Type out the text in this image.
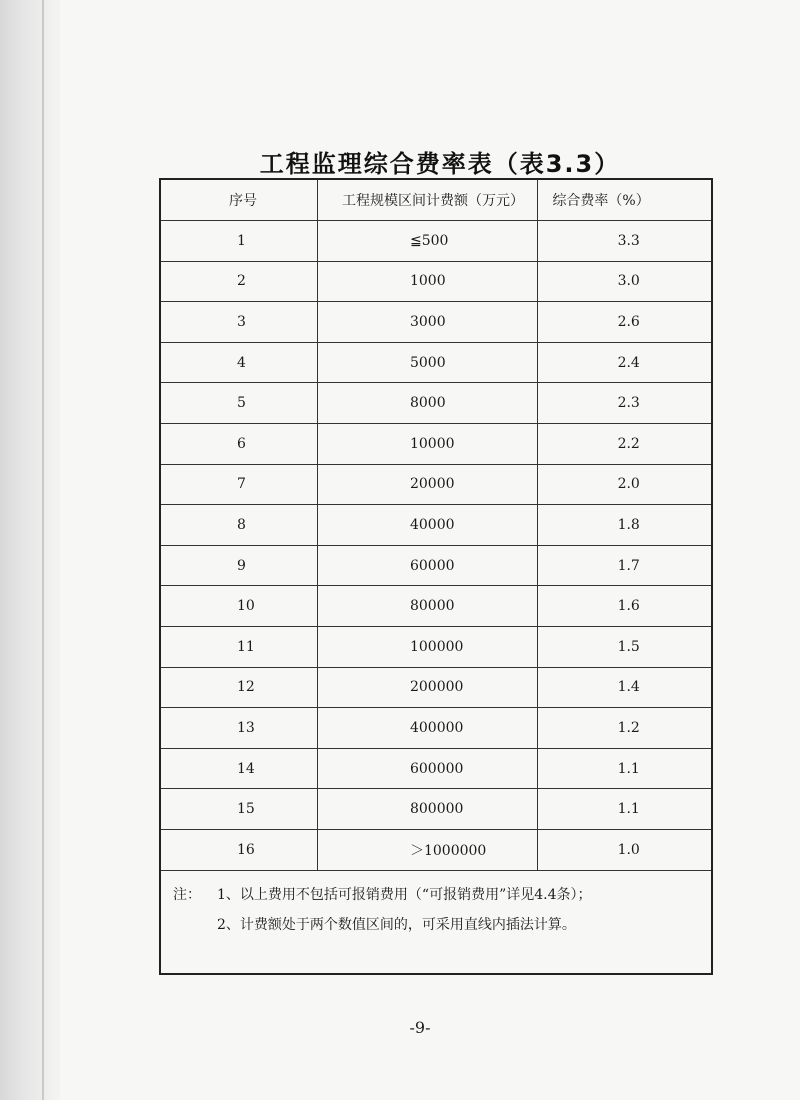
工程监理综合费率表（表3.3）
序号	工程规模区间计费额（万元）	综合费率（%）
1	≦500	3.3
2	1000	3.0
3	3000	2.6
4	5000	2.4
5	8000	2.3
6	10000	2.2
7	20000	2.0
8	40000	1.8
9	60000	1.7
10	80000	1.6
11	100000	1.5
12	200000	1.4
13	400000	1.2
14	600000	1.1
15	800000	1.1
16	＞1000000	1.0

注： 1、以上费用不包括可报销费用（“可报销费用”详见4.4条）；
2、计费额处于两个数值区间的，可采用直线内插法计算。		
-9-
